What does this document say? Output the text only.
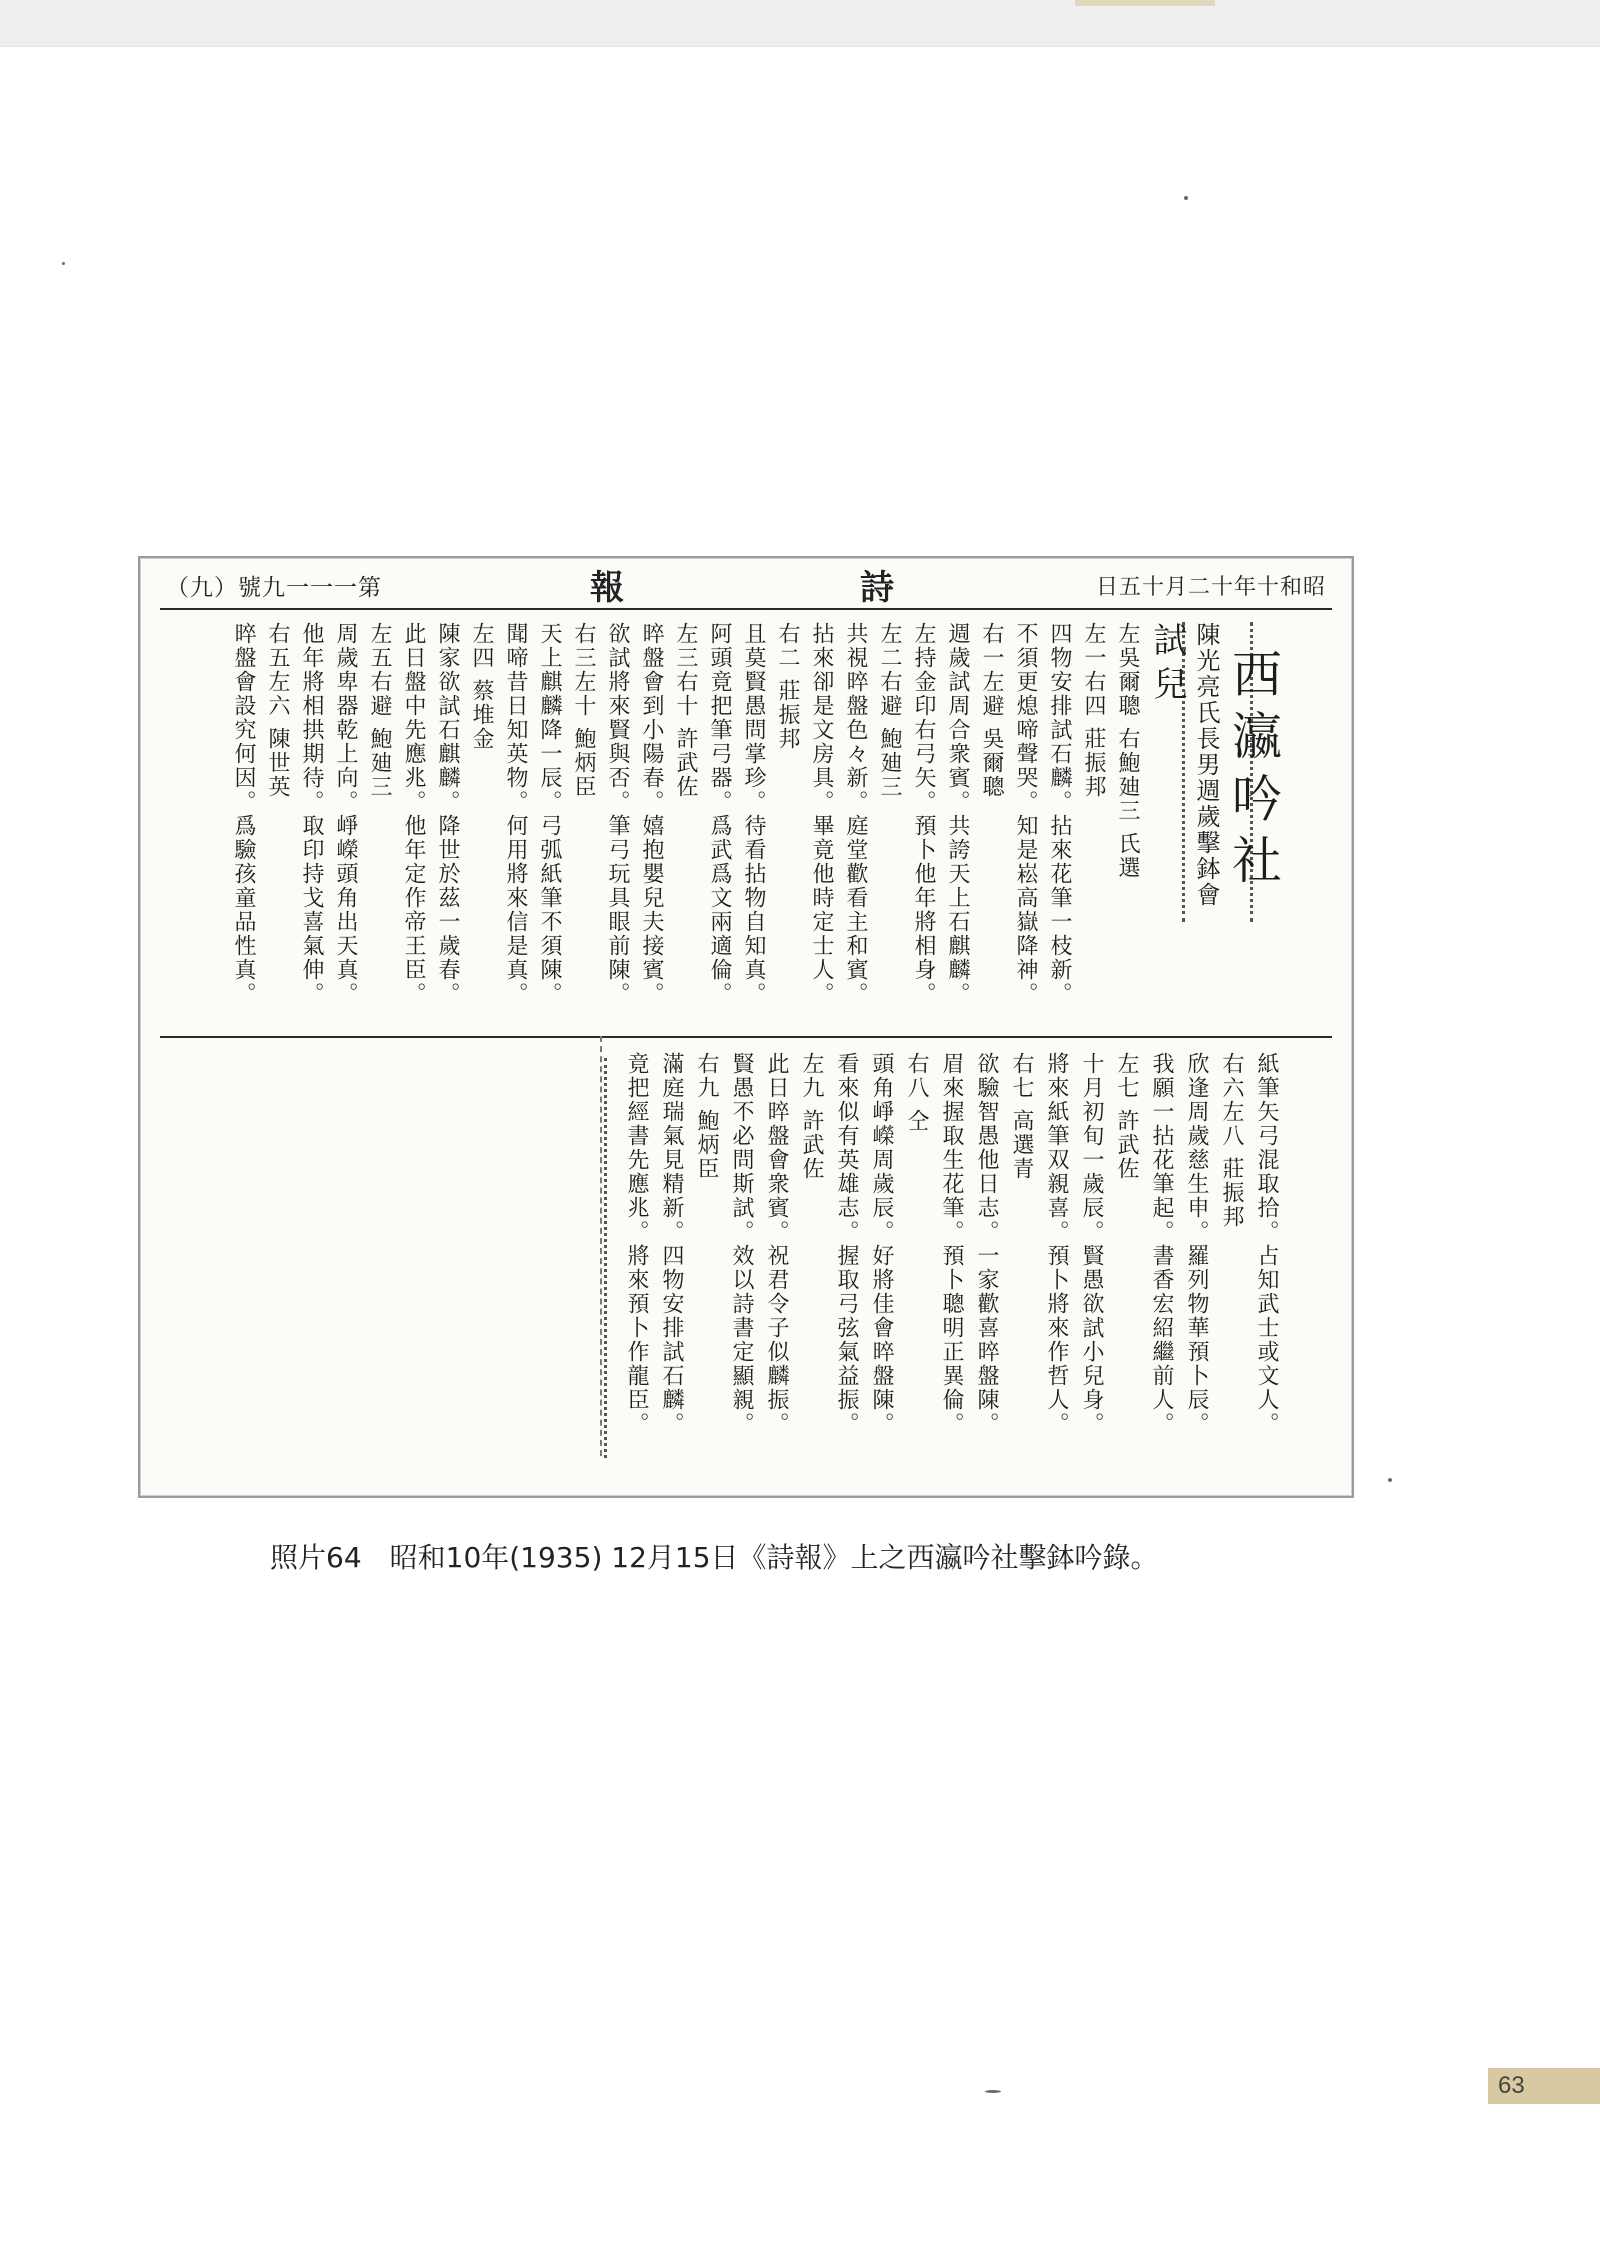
（九）號九一一一第	報	詩	日五十月二十年十和昭
西瀛吟社
陳光亮氏長男週歲擊鉢會
試兒
左吳爾聰 右鮑廸三 氏選
左一右四 莊振邦
四物安排試石麟。拈來花筆一枝新。
不須更熄啼聲哭。知是崧高嶽降神。
右一左避 吳爾聰
週歲試周合衆賓。共誇天上石麒麟。
左持金印右弓矢。預卜他年將相身。
左二右避 鮑廸三
共視晬盤色々新。庭堂歡看主和賓。
拈來卻是文房具。畢竟他時定士人。
右二 莊振邦
且莫賢愚問掌珍。待看拈物自知真。
阿頭竟把筆弓器。爲武爲文兩適倫。
左三右十 許武佐
晬盤會到小陽春。嬉抱嬰兒夫接賓。
欲試將來賢與否。筆弓玩具眼前陳。
右三左十 鮑炳臣
天上麒麟降一辰。弓弧紙筆不須陳。
聞啼昔日知英物。何用將來信是真。
左四 蔡堆金
陳家欲試石麒麟。降世於茲一歲春。
此日盤中先應兆。他年定作帝王臣。
左五右避 鮑廸三
周歲卑器乾上向。崢嶸頭角出天真。
他年將相拱期待。取印持戈喜氣伸。
右五左六 陳世英
晬盤會設究何因。爲驗孩童品性真。
紙筆矢弓混取拾。占知武士或文人。
右六左八 莊振邦
欣逢周歲慈生申。羅列物華預卜辰。
我願一拈花筆起。書香宏紹繼前人。
左七 許武佐
十月初旬一歲辰。賢愚欲試小兒身。
將來紙筆双親喜。預卜將來作哲人。
右七 高選青
欲驗智愚他日志。一家歡喜晬盤陳。
眉來握取生花筆。預卜聰明正異倫。
右八 仝
頭角崢嶸周歲辰。好將佳會晬盤陳。
看來似有英雄志。握取弓弦氣益振。
左九 許武佐
此日晬盤會衆賓。祝君令子似麟振。
賢愚不必問斯試。效以詩書定顯親。
右九 鮑炳臣
滿庭瑞氣見精新。四物安排試石麟。
竟把經書先應兆。將來預卜作龍臣。
照片64　昭和10年(1935) 12月15日《詩報》上之西瀛吟社擊鉢吟錄。
63
